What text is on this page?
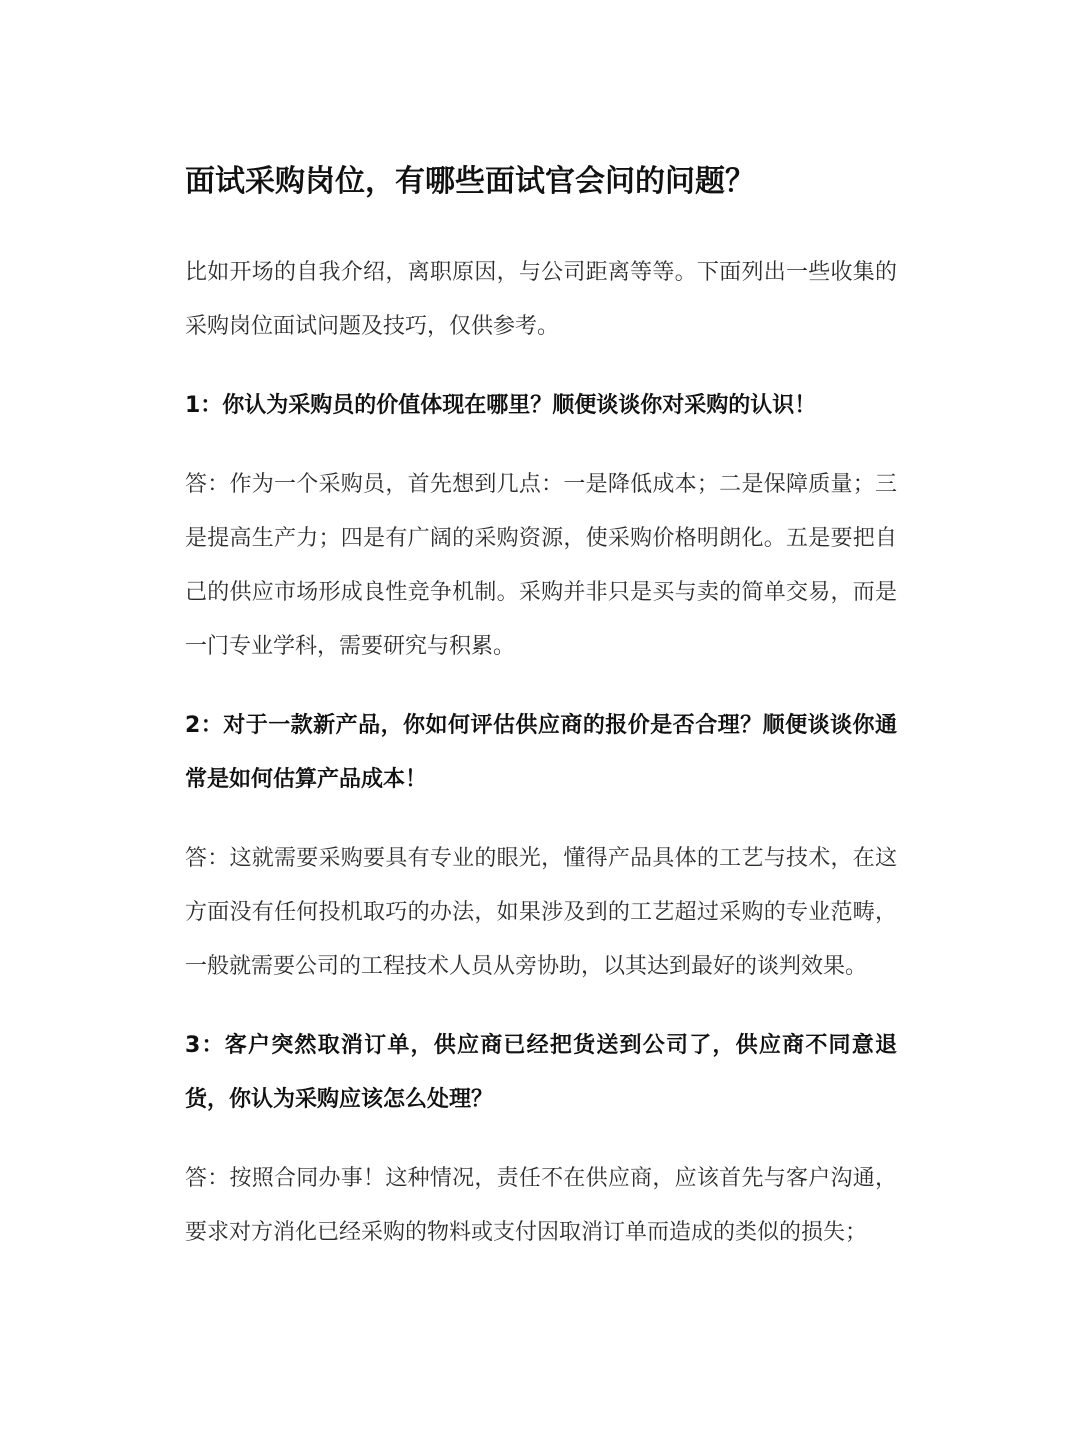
面试采购岗位，有哪些面试官会问的问题？

比如开场的自我介绍，离职原因，与公司距离等等。下面列出一些收集的采购岗位面试问题及技巧，仅供参考。

1：你认为采购员的价值体现在哪里？顺便谈谈你对采购的认识！

答：作为一个采购员，首先想到几点：一是降低成本；二是保障质量；三是提高生产力；四是有广阔的采购资源，使采购价格明朗化。五是要把自己的供应市场形成良性竞争机制。采购并非只是买与卖的简单交易，而是一门专业学科，需要研究与积累。

2：对于一款新产品，你如何评估供应商的报价是否合理？顺便谈谈你通常是如何估算产品成本！

答：这就需要采购要具有专业的眼光，懂得产品具体的工艺与技术，在这方面没有任何投机取巧的办法，如果涉及到的工艺超过采购的专业范畴，一般就需要公司的工程技术人员从旁协助，以其达到最好的谈判效果。

3：客户突然取消订单，供应商已经把货送到公司了，供应商不同意退货，你认为采购应该怎么处理？

答：按照合同办事！这种情况，责任不在供应商，应该首先与客户沟通，要求对方消化已经采购的物料或支付因取消订单而造成的类似的损失；
